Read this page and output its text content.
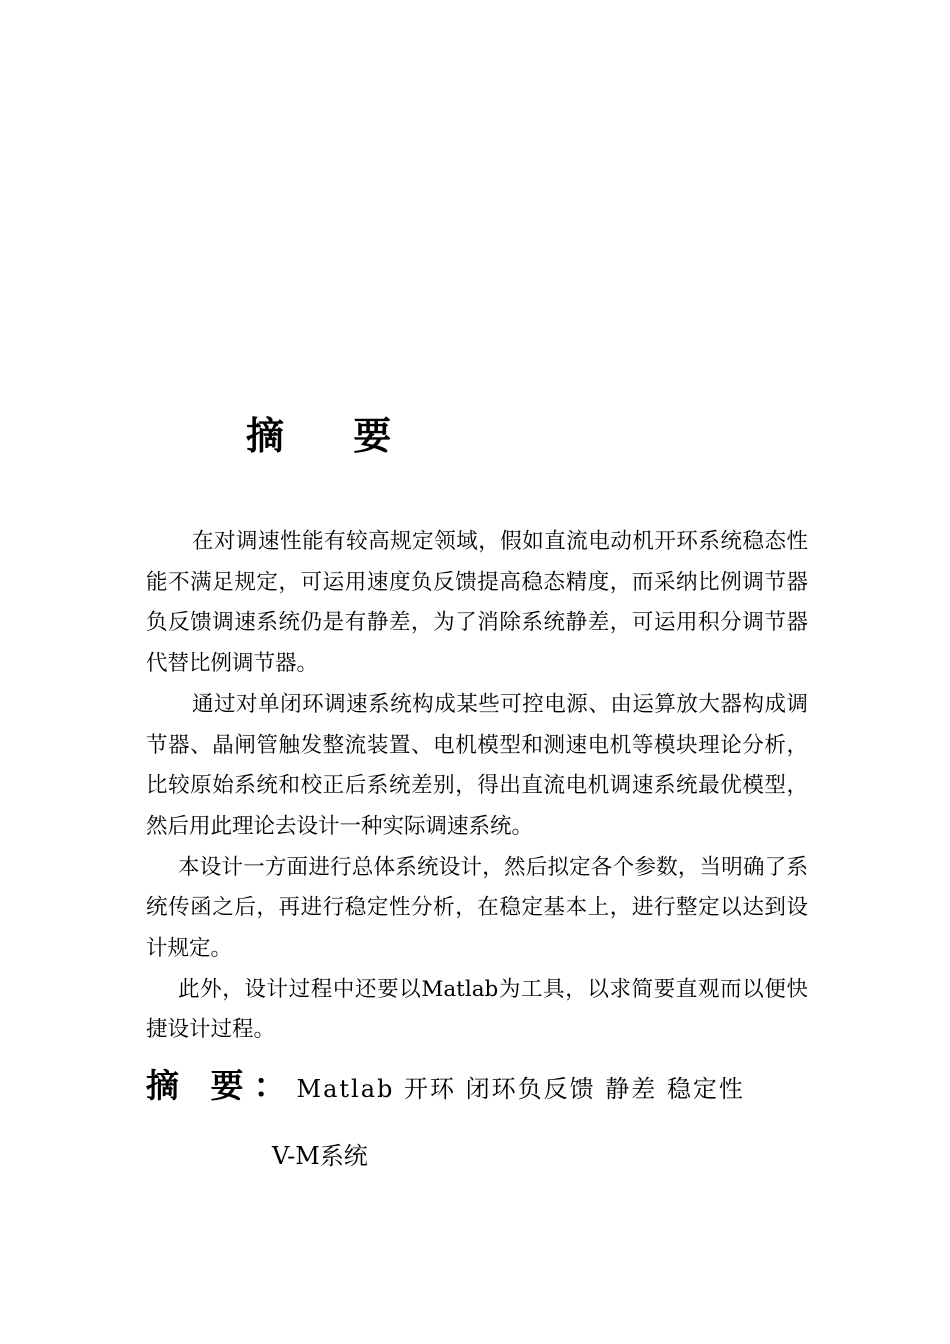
摘 要

在对调速性能有较高规定领域，假如直流电动机开环系统稳态性能不满足规定，可运用速度负反馈提高稳态精度，而采纳比例调节器负反馈调速系统仍是有静差，为了消除系统静差，可运用积分调节器代替比例调节器。

通过对单闭环调速系统构成某些可控电源、由运算放大器构成调节器、晶闸管触发整流装置、电机模型和测速电机等模块理论分析，比较原始系统和校正后系统差别，得出直流电机调速系统最优模型，然后用此理论去设计一种实际调速系统。

本设计一方面进行总体系统设计，然后拟定各个参数，当明确了系统传函之后，再进行稳定性分析，在稳定基本上，进行整定以达到设计规定。

此外，设计过程中还要以Matlab为工具，以求简要直观而以便快捷设计过程。

摘 要：Matlab 开环 闭环负反馈 静差 稳定性
V-M系统
